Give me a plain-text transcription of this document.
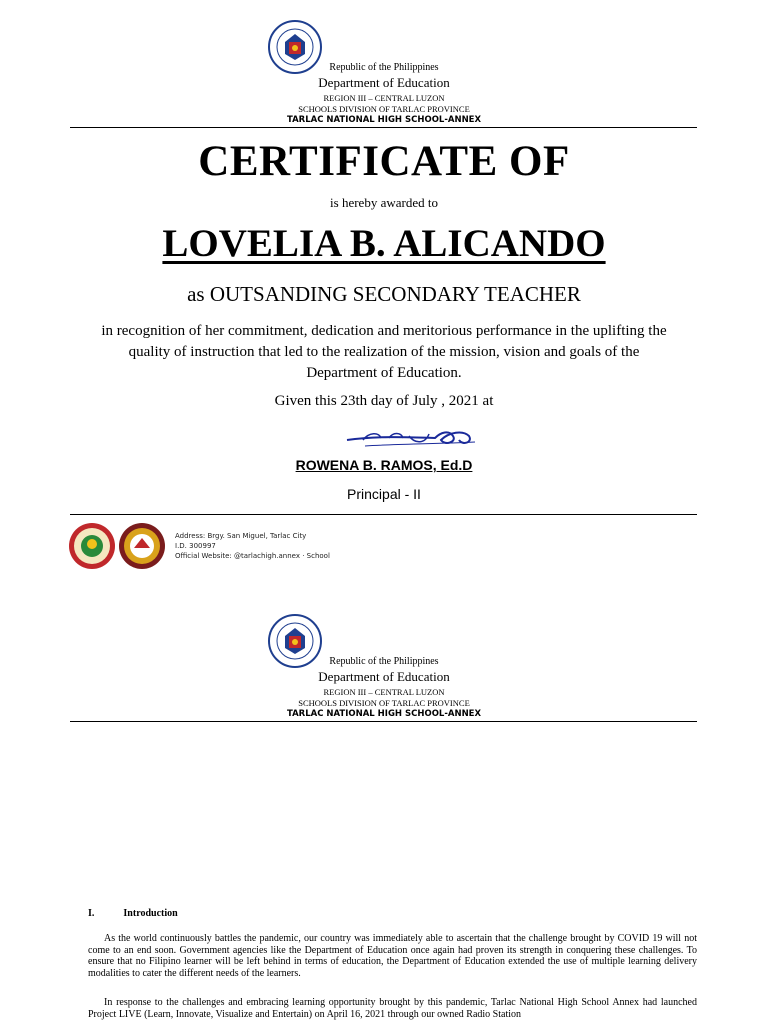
Republic of the Philippines
Department of Education
REGION III – CENTRAL LUZON
SCHOOLS DIVISION OF TARLAC PROVINCE
TARLAC NATIONAL HIGH SCHOOL-ANNEX
CERTIFICATE OF
is hereby awarded to
LOVELIA B. ALICANDO
as OUTSANDING SECONDARY TEACHER
in recognition of her commitment, dedication and meritorious performance in the uplifting the
quality of instruction that led to the realization of the mission, vision and goals of the
Department of Education.
Given this 23th day of July , 2021 at
ROWENA B. RAMOS, Ed.D
Principal - II
Address: Brgy. San Miguel, Tarlac City
I.D. 300997
Official Website: @tarlachigh.annex · School
Republic of the Philippines
Department of Education
REGION III – CENTRAL LUZON
SCHOOLS DIVISION OF TARLAC PROVINCE
TARLAC NATIONAL HIGH SCHOOL-ANNEX
I.	Introduction
As the world continuously battles the pandemic, our country was immediately able to ascertain that the challenge brought by COVID 19 will not come to an end soon. Government agencies like the Department of Education once again had proven its strength in conquering these challenges. To ensure that no Filipino learner will be left behind in terms of education, the Department of Education extended the use of multiple learning delivery modalities to cater the different needs of the learners.
In response to the challenges and embracing learning opportunity brought by this pandemic, Tarlac National High School Annex had launched Project LIVE (Learn, Innovate, Visualize and Entertain) on April 16, 2021 through our owned Radio Station
